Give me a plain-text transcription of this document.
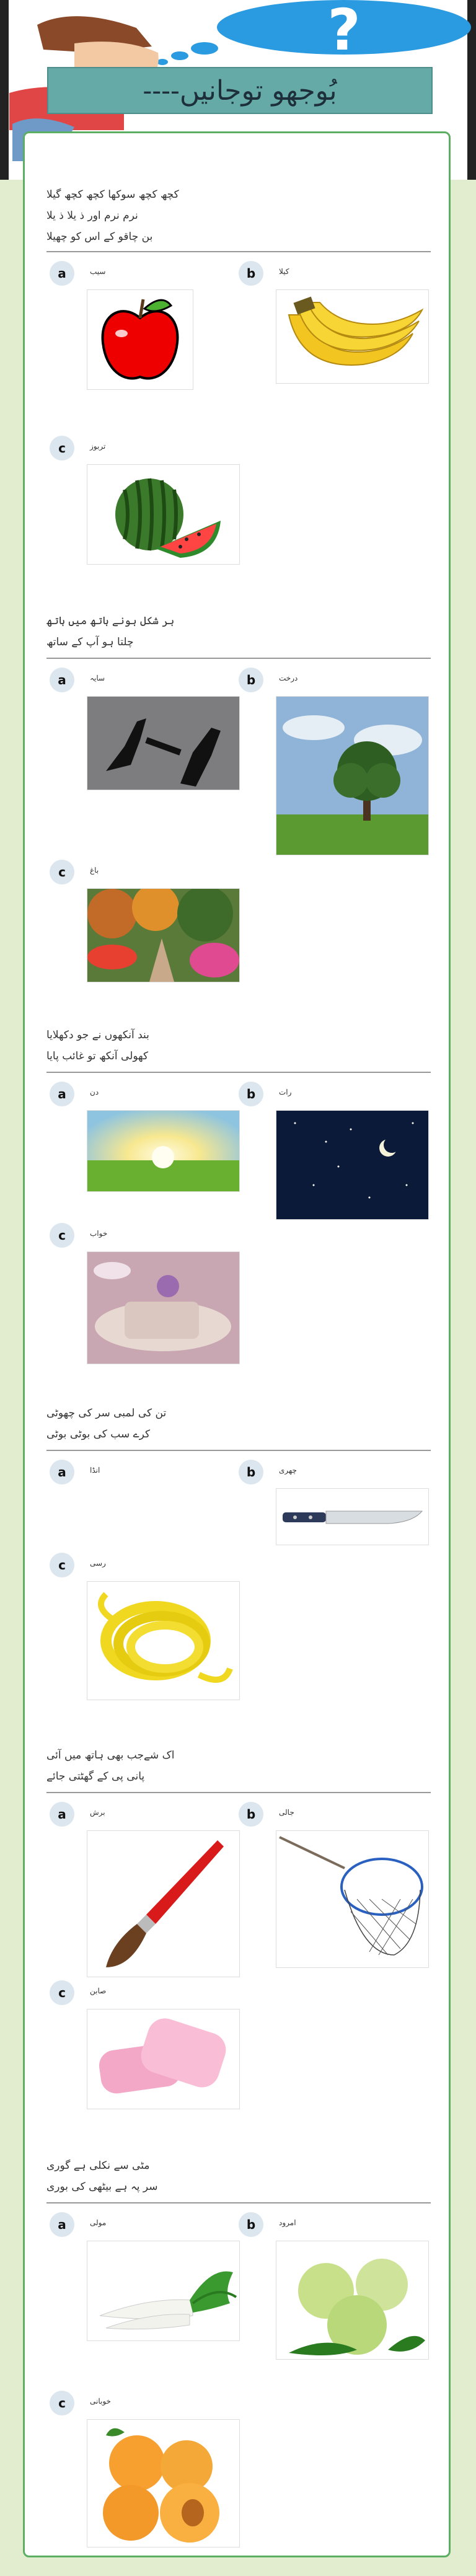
?
بُوجھو توجانیں----
کچھ کچھ سوکھا کچھ کچھ گیلا
نرم نرم اور ذ یلا ذ یلا
بن چاقو کے اس کو چھیلا
a	سیب	b	کیلا
c	تربوز
ہر شکل ہونے ہاتھ میں ہاتھ
چلتا ہو آپ کے ساتھ
a	سایہ	b	درخت
c	باغ
بند آنکھوں نے جو دکھلایا
کھولی آنکھ تو غائب پایا
a	دن	b	رات
c	خواب
تن کی لمبی سر کی چھوٹی
کرے سب کی بوٹی بوٹی
a	انڈا	b	چھری
c	رسی
اک شےجب بھی ہاتھ میں آئی
پانی پی کے گھٹتی جائے
a	برش	b	جالی
c	صابن
مٹی سے نکلی ہے گوری
سر پہ ہے بیٹھی کی بوری
a	مولی	b	امرود
c	خوبانی
